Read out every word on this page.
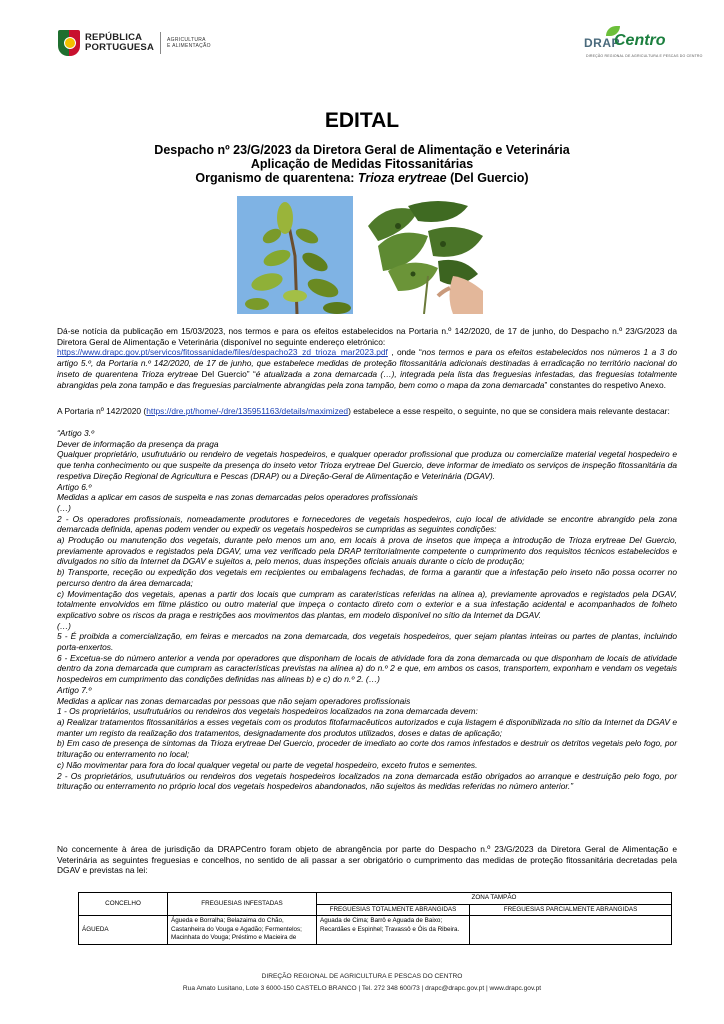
REPÚBLICA
PORTUGUESA
AGRICULTURA
E ALIMENTAÇÃO	DRAP
Centro
DIREÇÃO REGIONAL DE AGRICULTURA E PESCAS DO CENTRO
EDITAL
Despacho nº 23/G/2023 da Diretora Geral de Alimentação e Veterinária
Aplicação de Medidas Fitossanitárias
Organismo de quarentena: Trioza erytreae (Del Guercio)

Dá-se notícia da publicação em 15/03/2023, nos termos e para os efeitos estabelecidos na Portaria n.º 142/2020, de 17 de junho, do Despacho n.º 23/G/2023 da Diretora Geral de Alimentação e Veterinária (disponível no seguinte endereço eletrónico:
https://www.drapc.gov.pt/servicos/fitossanidade/files/despacho23_zd_trioza_mar2023.pdf , onde “nos termos e para os efeitos estabelecidos nos números 1 a 3 do artigo 5.º, da Portaria n.º 142/2020, de 17 de junho, que estabelece medidas de proteção fitossanitária adicionais destinadas à erradicação no território nacional do inseto de quarentena Trioza erytreae Del Guercio” “é atualizada a zona demarcada (…), integrada pela lista das freguesias infestadas, das freguesias totalmente abrangidas pela zona tampão e das freguesias parcialmente abrangidas pela zona tampão, bem como o mapa da zona demarcada” constantes do respetivo Anexo.

A Portaria nº 142/2020 (https://dre.pt/home/-/dre/135951163/details/maximized) estabelece a esse respeito, o seguinte, no que se considera mais relevante destacar:

“Artigo 3.º

Dever de informação da presença da praga

Qualquer proprietário, usufrutuário ou rendeiro de vegetais hospedeiros, e qualquer operador profissional que produza ou comercialize material vegetal hospedeiro e que tenha conhecimento ou que suspeite da presença do inseto vetor Trioza erytreae Del Guercio, deve informar de imediato os serviços de inspeção fitossanitária da respetiva Direção Regional de Agricultura e Pescas (DRAP) ou a Direção-Geral de Alimentação e Veterinária (DGAV).

Artigo 6.º

Medidas a aplicar em casos de suspeita e nas zonas demarcadas pelos operadores profissionais

(…)

2 - Os operadores profissionais, nomeadamente produtores e fornecedores de vegetais hospedeiros, cujo local de atividade se encontre abrangido pela zona demarcada definida, apenas podem vender ou expedir os vegetais hospedeiros se cumpridas as seguintes condições:

a) Produção ou manutenção dos vegetais, durante pelo menos um ano, em locais à prova de insetos que impeça a introdução de Trioza erytreae Del Guercio, previamente aprovados e registados pela DGAV, uma vez verificado pela DRAP territorialmente competente o cumprimento dos requisitos técnicos estabelecidos e divulgados no sítio da Internet da DGAV e sujeitos a, pelo menos, duas inspeções oficiais anuais durante o ciclo de produção;

b) Transporte, receção ou expedição dos vegetais em recipientes ou embalagens fechadas, de forma a garantir que a infestação pelo inseto não possa ocorrer no percurso dentro da área demarcada;

c) Movimentação dos vegetais, apenas a partir dos locais que cumpram as caraterísticas referidas na alínea a), previamente aprovados e registados pela DGAV, totalmente envolvidos em filme plástico ou outro material que impeça o contacto direto com o exterior e a sua infestação acidental e acompanhados de folheto explicativo sobre os riscos da praga e restrições aos movimentos das plantas, em modelo disponível no sítio da Internet da DGAV.

(…)

5 - É proibida a comercialização, em feiras e mercados na zona demarcada, dos vegetais hospedeiros, quer sejam plantas inteiras ou partes de plantas, incluindo porta-enxertos.

6 - Excetua-se do número anterior a venda por operadores que disponham de locais de atividade fora da zona demarcada ou que disponham de locais de atividade dentro da zona demarcada que cumpram as características previstas na alínea a) do n.º 2 e que, em ambos os casos, transportem, exponham e vendam os vegetais hospedeiros em cumprimento das condições definidas nas alíneas b) e c) do n.º 2. (…)

Artigo 7.º

Medidas a aplicar nas zonas demarcadas por pessoas que não sejam operadores profissionais

1 - Os proprietários, usufrutuários ou rendeiros dos vegetais hospedeiros localizados na zona demarcada devem:

a) Realizar tratamentos fitossanitários a esses vegetais com os produtos fitofarmacêuticos autorizados e cuja listagem é disponibilizada no sítio da Internet da DGAV e manter um registo da realização dos tratamentos, designadamente dos produtos utilizados, doses e datas de aplicação;

b) Em caso de presença de sintomas da Trioza erytreae Del Guercio, proceder de imediato ao corte dos ramos infestados e destruir os detritos vegetais pelo fogo, por trituração ou enterramento no local;

c) Não movimentar para fora do local qualquer vegetal ou parte de vegetal hospedeiro, exceto frutos e sementes.

2 - Os proprietários, usufrutuários ou rendeiros dos vegetais hospedeiros localizados na zona demarcada estão obrigados ao arranque e destruição pelo fogo, por trituração ou enterramento no próprio local dos vegetais hospedeiros abandonados, não sujeitos às medidas referidas no número anterior.”

No concernente à área de jurisdição da DRAPCentro foram objeto de abrangência por parte do Despacho n.º 23/G/2023 da Diretora Geral de Alimentação e Veterinária as seguintes freguesias e concelhos, no sentido de ali passar a ser obrigatório o cumprimento das medidas de proteção fitossanitária decretadas pela DGAV e previstas na lei:
CONCELHO	FREGUESIAS INFESTADAS	ZONA TAMPÃO	
		FREGUESIAS TOTALMENTE ABRANGIDAS	FREGUESIAS PARCIALMENTE ABRANGIDAS
ÁGUEDA	Águeda e Borralha; Belazaima do Chão, Castanheira do Vouga e Agadão; Fermentelos; Macinhata do Vouga; Préstimo e Macieira de	Aguada de Cima; Barrô e Aguada de Baixo; Recardães e Espinhel; Travassô e Óis da Ribeira.	
DIREÇÃO REGIONAL DE AGRICULTURA E PESCAS DO CENTRO
Rua Amato Lusitano, Lote 3 6000-150 CASTELO BRANCO | Tel. 272 348 600/73 | drapc@drapc.gov.pt | www.drapc.gov.pt
